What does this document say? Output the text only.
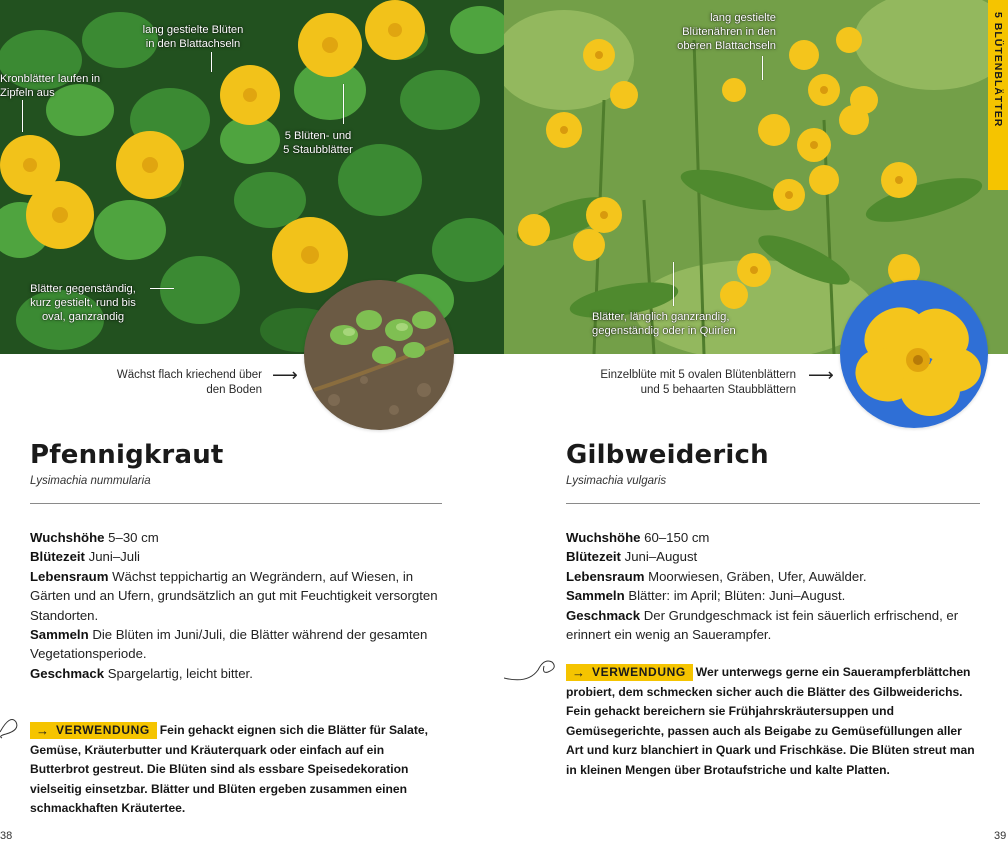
lang gestielte Blüten
in den Blattachseln
Kronblätter laufen in
Zipfeln aus
5 Blüten- und
5 Staubblätter
Blätter gegenständig,
kurz gestielt, rund bis
oval, ganzrandig
Wächst flach kriechend über
den Boden
⟶
Pfennigkraut
Lysimachia nummularia

Wuchshöhe 5–30 cm

Blütezeit Juni–Juli

Lebensraum Wächst teppichartig an Wegrändern, auf Wiesen, in Gärten und an Ufern, grundsätzlich an gut mit Feuchtigkeit versorgten Standorten.

Sammeln Die Blüten im Juni/Juli, die Blätter während der gesamten Vegetationsperiode.

Geschmack Spargelartig, leicht bitter.

→ VERWENDUNG Fein gehackt eignen sich die Blätter für Salate, Gemüse, Kräuterbutter und Kräuterquark oder einfach auf ein Butterbrot gestreut. Die Blüten sind als essbare Speisedekoration vielseitig einsetzbar. Blätter und Blüten ergeben zusammen einen schmackhaften Kräutertee.

38
lang gestielte
Blütenähren in den
oberen Blattachseln
Blätter, länglich ganzrandig,
gegenständig oder in Quirlen
Einzelblüte mit 5 ovalen Blütenblättern
und 5 behaarten Staubblättern
⟶
Gilbweiderich
Lysimachia vulgaris

Wuchshöhe 60–150 cm

Blütezeit Juni–August

Lebensraum Moorwiesen, Gräben, Ufer, Auwälder.

Sammeln Blätter: im April; Blüten: Juni–August.

Geschmack Der Grundgeschmack ist fein säuerlich erfrischend, er erinnert ein wenig an Sauerampfer.

→ VERWENDUNG Wer unterwegs gerne ein Sauerampferblättchen probiert, dem schmecken sicher auch die Blätter des Gilbweiderichs. Fein gehackt bereichern sie Frühjahrskräutersuppen und Gemüsegerichte, passen auch als Beigabe zu Gemüsefüllungen aller Art und kurz blanchiert in Quark und Frischkäse. Die Blüten streut man in kleinen Mengen über Brotaufstriche und kalte Platten.

39
5 BLÜTENBLÄTTER
